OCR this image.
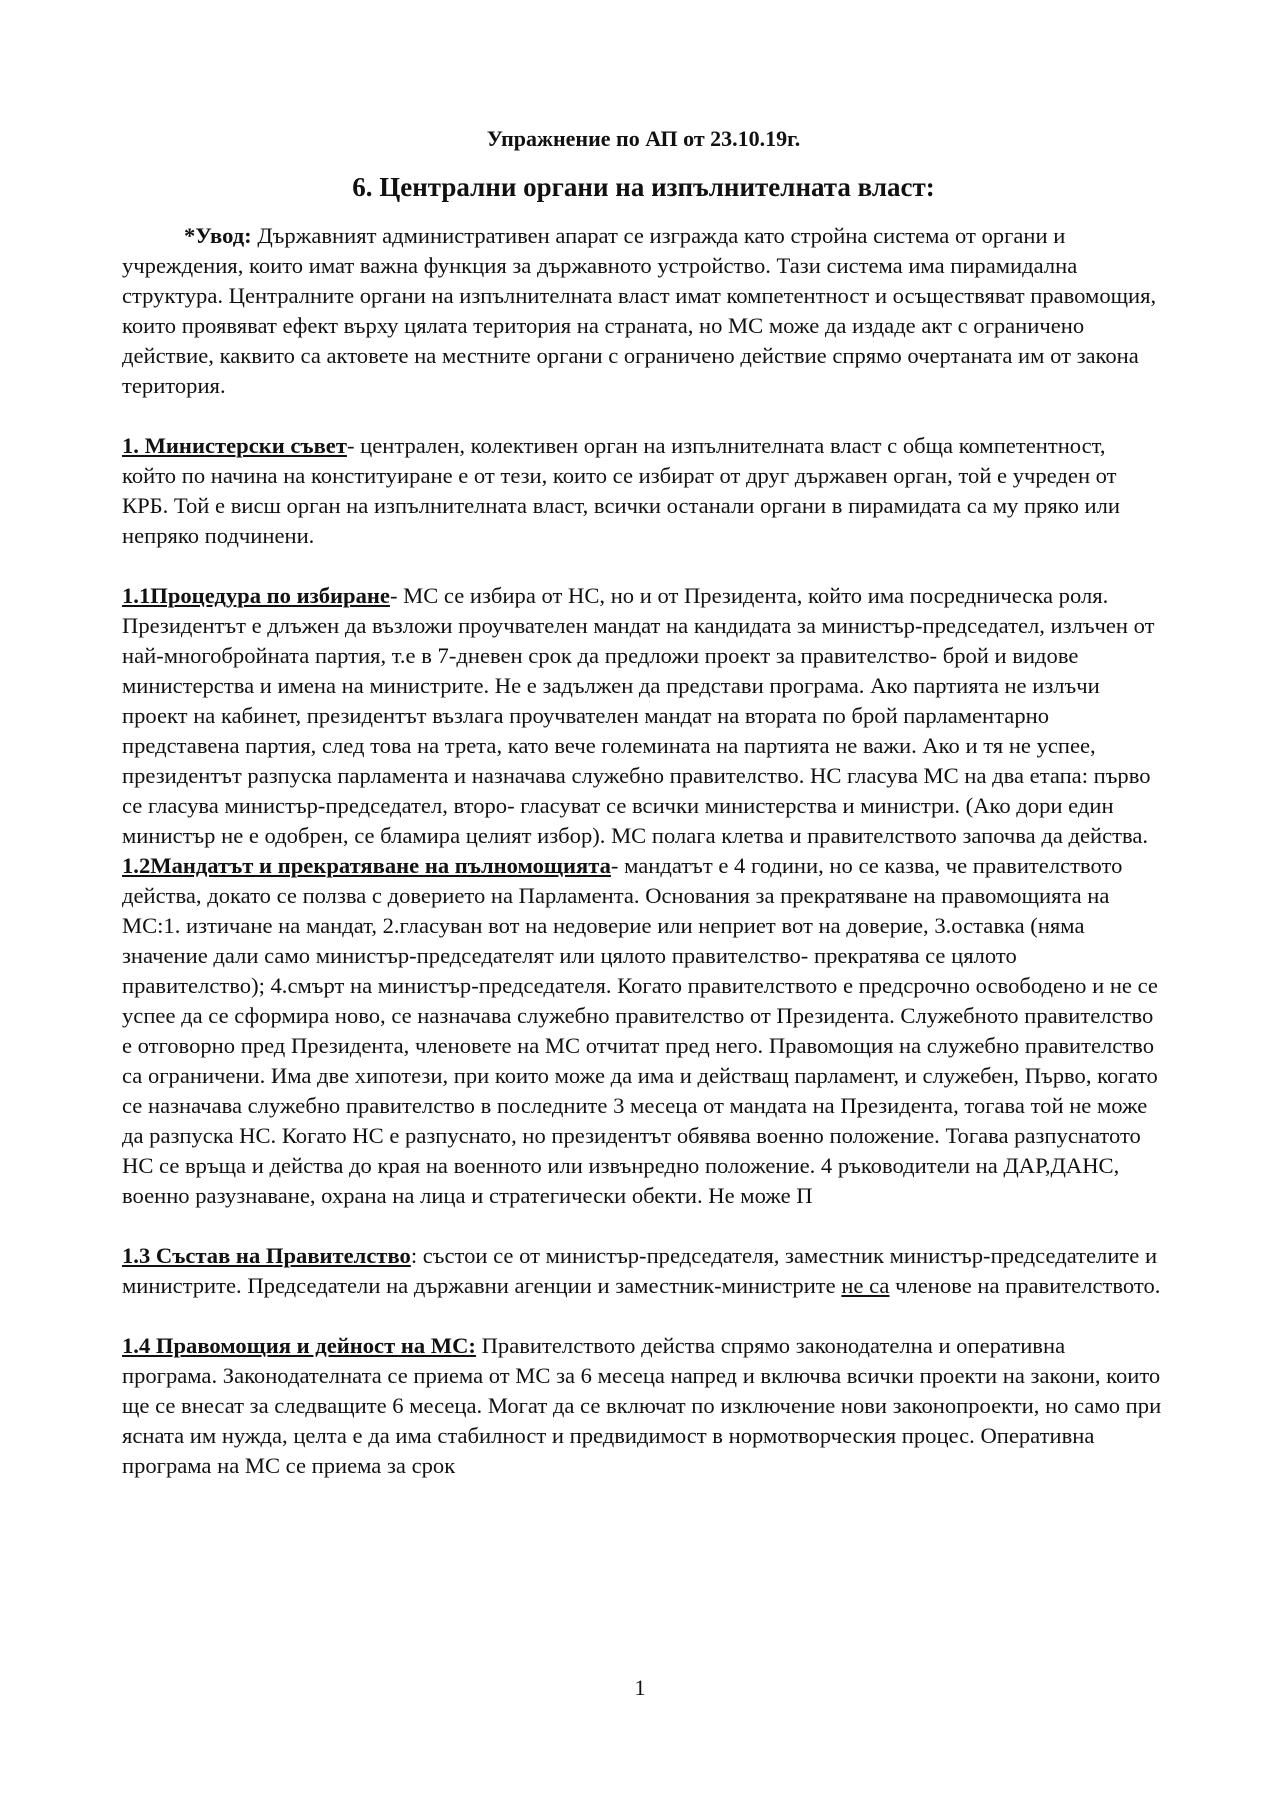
Упражнение по АП от 23.10.19г.
6. Централни органи на изпълнителната власт:

*Увод: Държавният административен апарат се изгражда като стройна система от органи и учреждения, които имат важна функция за държавното устройство. Тази система има пирамидална структура. Централните органи на изпълнителната власт имат компетентност и осъществяват правомощия, които проявяват ефект върху цялата територия на страната, но МС може да издаде акт с ограничено действие, каквито са актовете на местните органи с ограничено действие спрямо очертаната им от закона територия.

1. Министерски съвет- централен, колективен орган на изпълнителната власт с обща компетентност, който по начина на конституиране е от тези, които се избират от друг държавен орган, той е учреден от КРБ. Той е висш орган на изпълнителната власт, всички останали органи в пирамидата са му пряко или непряко подчинени.

1.1Процедура по избиране- МС се избира от НС, но и от Президента, който има посредническа роля. Президентът е длъжен да възложи проучвателен мандат на кандидата за министър-председател, излъчен от най-многобройната партия, т.е в 7-дневен срок да предложи проект за правителство- брой и видове министерства и имена на министрите. Не е задължен да представи програма. Ако партията не излъчи проект на кабинет, президентът възлага проучвателен мандат на втората по брой парламентарно представена партия, след това на трета, като вече големината на партията не важи. Ако и тя не успее, президентът разпуска парламента и назначава служебно правителство. НС гласува МС на два етапа: първо се гласува министър-председател, второ- гласуват се всички министерства и министри. (Ако дори един министър не е одобрен, се бламира целият избор). МС полага клетва и правителството започва да действа.

1.2Мандатът и прекратяване на пълномощията- мандатът е 4 години, но се казва, че правителството действа, докато се ползва с доверието на Парламента. Основания за прекратяване на правомощията на МС:1. изтичане на мандат, 2.гласуван вот на недоверие или неприет вот на доверие, 3.оставка (няма значение дали само министър-председателят или цялото правителство- прекратява се цялото правителство); 4.смърт на министър-председателя. Когато правителството е предсрочно освободено и не се успее да се сформира ново, се назначава служебно правителство от Президента. Служебното правителство е отговорно пред Президента, членовете на МС отчитат пред него. Правомощия на служебно правителство са ограничени. Има две хипотези, при които може да има и действащ парламент, и служебен, Първо, когато се назначава служебно правителство в последните 3 месеца от мандата на Президента, тогава той не може да разпуска НС. Когато НС е разпуснато, но президентът обявява военно положение. Тогава разпуснатото НС се връща и действа до края на военното или извънредно положение. 4 ръководители на ДАР,ДАНС, военно разузнаване, охрана на лица и стратегически обекти. Не може П

1.3 Състав на Правителство: състои се от министър-председателя, заместник министър-председателите и министрите. Председатели на държавни агенции и заместник-министрите не са членове на правителството.

1.4 Правомощия и дейност на МС: Правителството действа спрямо законодателна и оперативна програма. Законодателната се приема от МС за 6 месеца напред и включва всички проекти на закони, които ще се внесат за следващите 6 месеца. Могат да се включат по изключение нови законопроекти, но само при ясната им нужда, целта е да има стабилност и предвидимост в нормотворческия процес. Оперативна програма на МС се приема за срок

1
